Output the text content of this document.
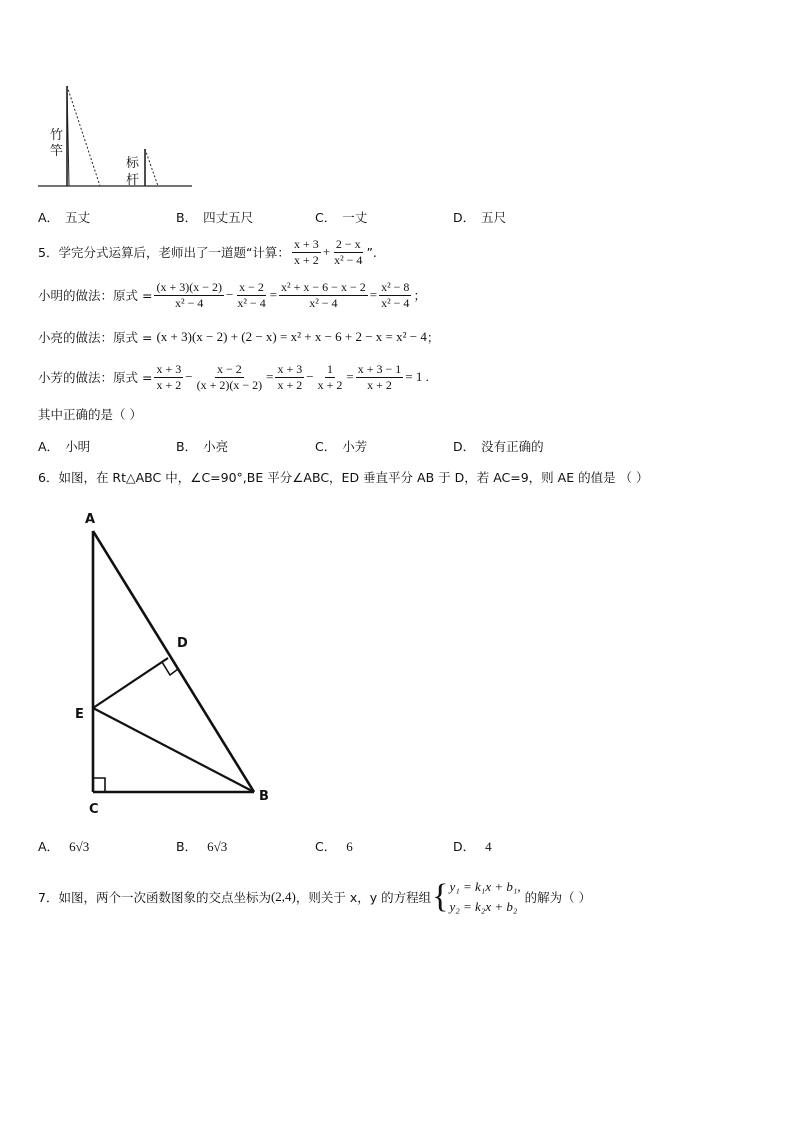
竹
竿
标
杆
A． 五丈	B． 四丈五尺	C． 一丈	D． 五尺
5．学完分式运算后，老师出了一道题“计算： $\frac{x + 3}{x + 2} + \frac{2 - x}{\text{x² − 4}}$ ”.
小明的做法：原式 = $\frac{(x + 3)(x - 2)}{\text{x² − 4}} - \frac{x - 2}{\text{x² − 4}} = \frac{\text{x² + x − 6 − x − 2}}{\text{x² − 4}} = \frac{\text{x² − 8}}{\text{x² − 4}}$ ；
小亮的做法：原式 = (x + 3)(x − 2) + (2 − x) = x² + x − 6 + 2 − x = x² − 4 ；
小芳的做法：原式 = $\frac{x + 3}{x + 2} - \frac{x - 2}{(x + 2)(x - 2)} = \frac{x + 3}{x + 2} - \frac{1}{x + 2} = \frac{x + 3 - 1}{x + 2} = 1$ .
其中正确的是（ ）
A． 小明	B． 小亮	C． 小芳	D． 没有正确的
6．如图，在 Rt△ABC 中，∠C=90°,BE 平分∠ABC，ED 垂直平分 AB 于 D，若 AC=9，则 AE 的值是 （ ）
A
D
E
C
B
A． 6√3	B． 6√3	C． 6	D． 4
7．如图，两个一次函数图象的交点坐标为 (2,4) ，则关于 x，y 的方程组 { y₁ = k₁x + b₁,
y₂ = k₂x + b₂
的解为（ ）
